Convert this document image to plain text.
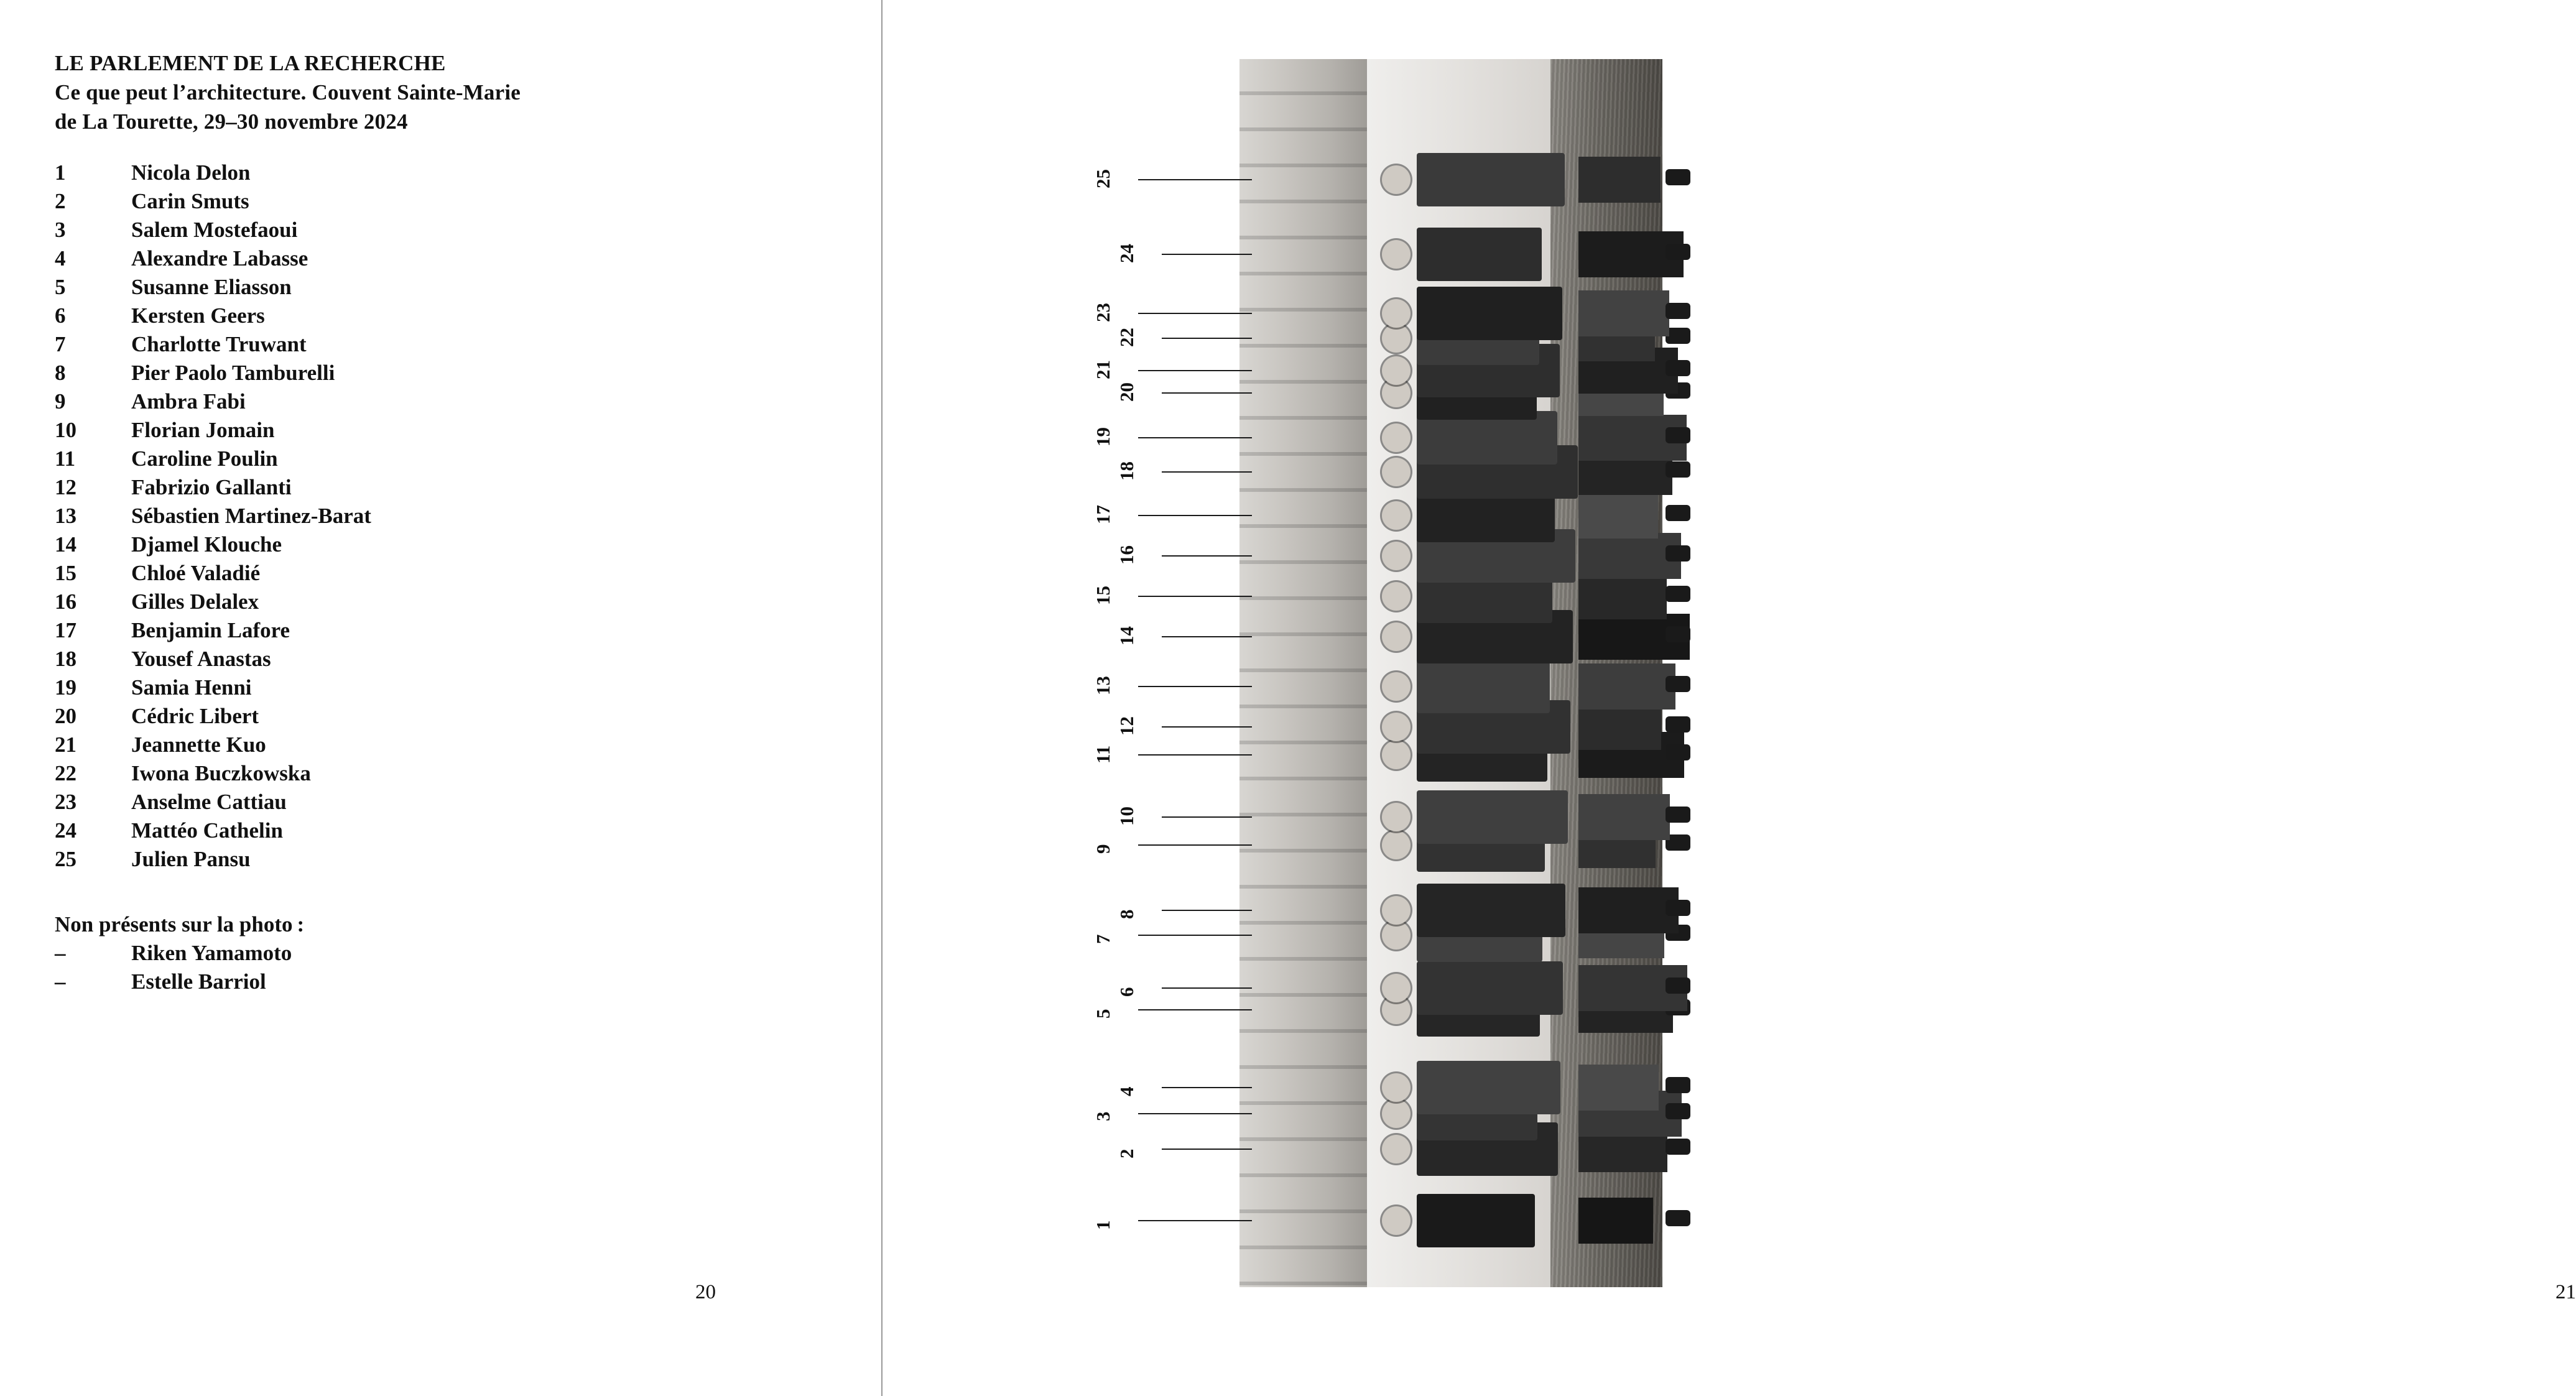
LE PARLEMENT DE LA RECHERCHE
Ce que peut l’architecture. Couvent Sainte-Marie
de La Tourette, 29–30 novembre 2024
1	Nicola Delon
2	Carin Smuts
3	Salem Mostefaoui
4	Alexandre Labasse
5	Susanne Eliasson
6	Kersten Geers
7	Charlotte Truwant
8	Pier Paolo Tamburelli
9	Ambra Fabi
10	Florian Jomain
11	Caroline Poulin
12	Fabrizio Gallanti
13	Sébastien Martinez-Barat
14	Djamel Klouche
15	Chloé Valadié
16	Gilles Delalex
17	Benjamin Lafore
18	Yousef Anastas
19	Samia Henni
20	Cédric Libert
21	Jeannette Kuo
22	Iwona Buczkowska
23	Anselme Cattiau
24	Mattéo Cathelin
25	Julien Pansu
Non présents sur la photo :
–	Riken Yamamoto
–	Estelle Barriol
20	21
1
2
3
4
5
6
7
8
9
10
11
12
13
14
15
16
17
18
19
20
21
22
23
24
25
